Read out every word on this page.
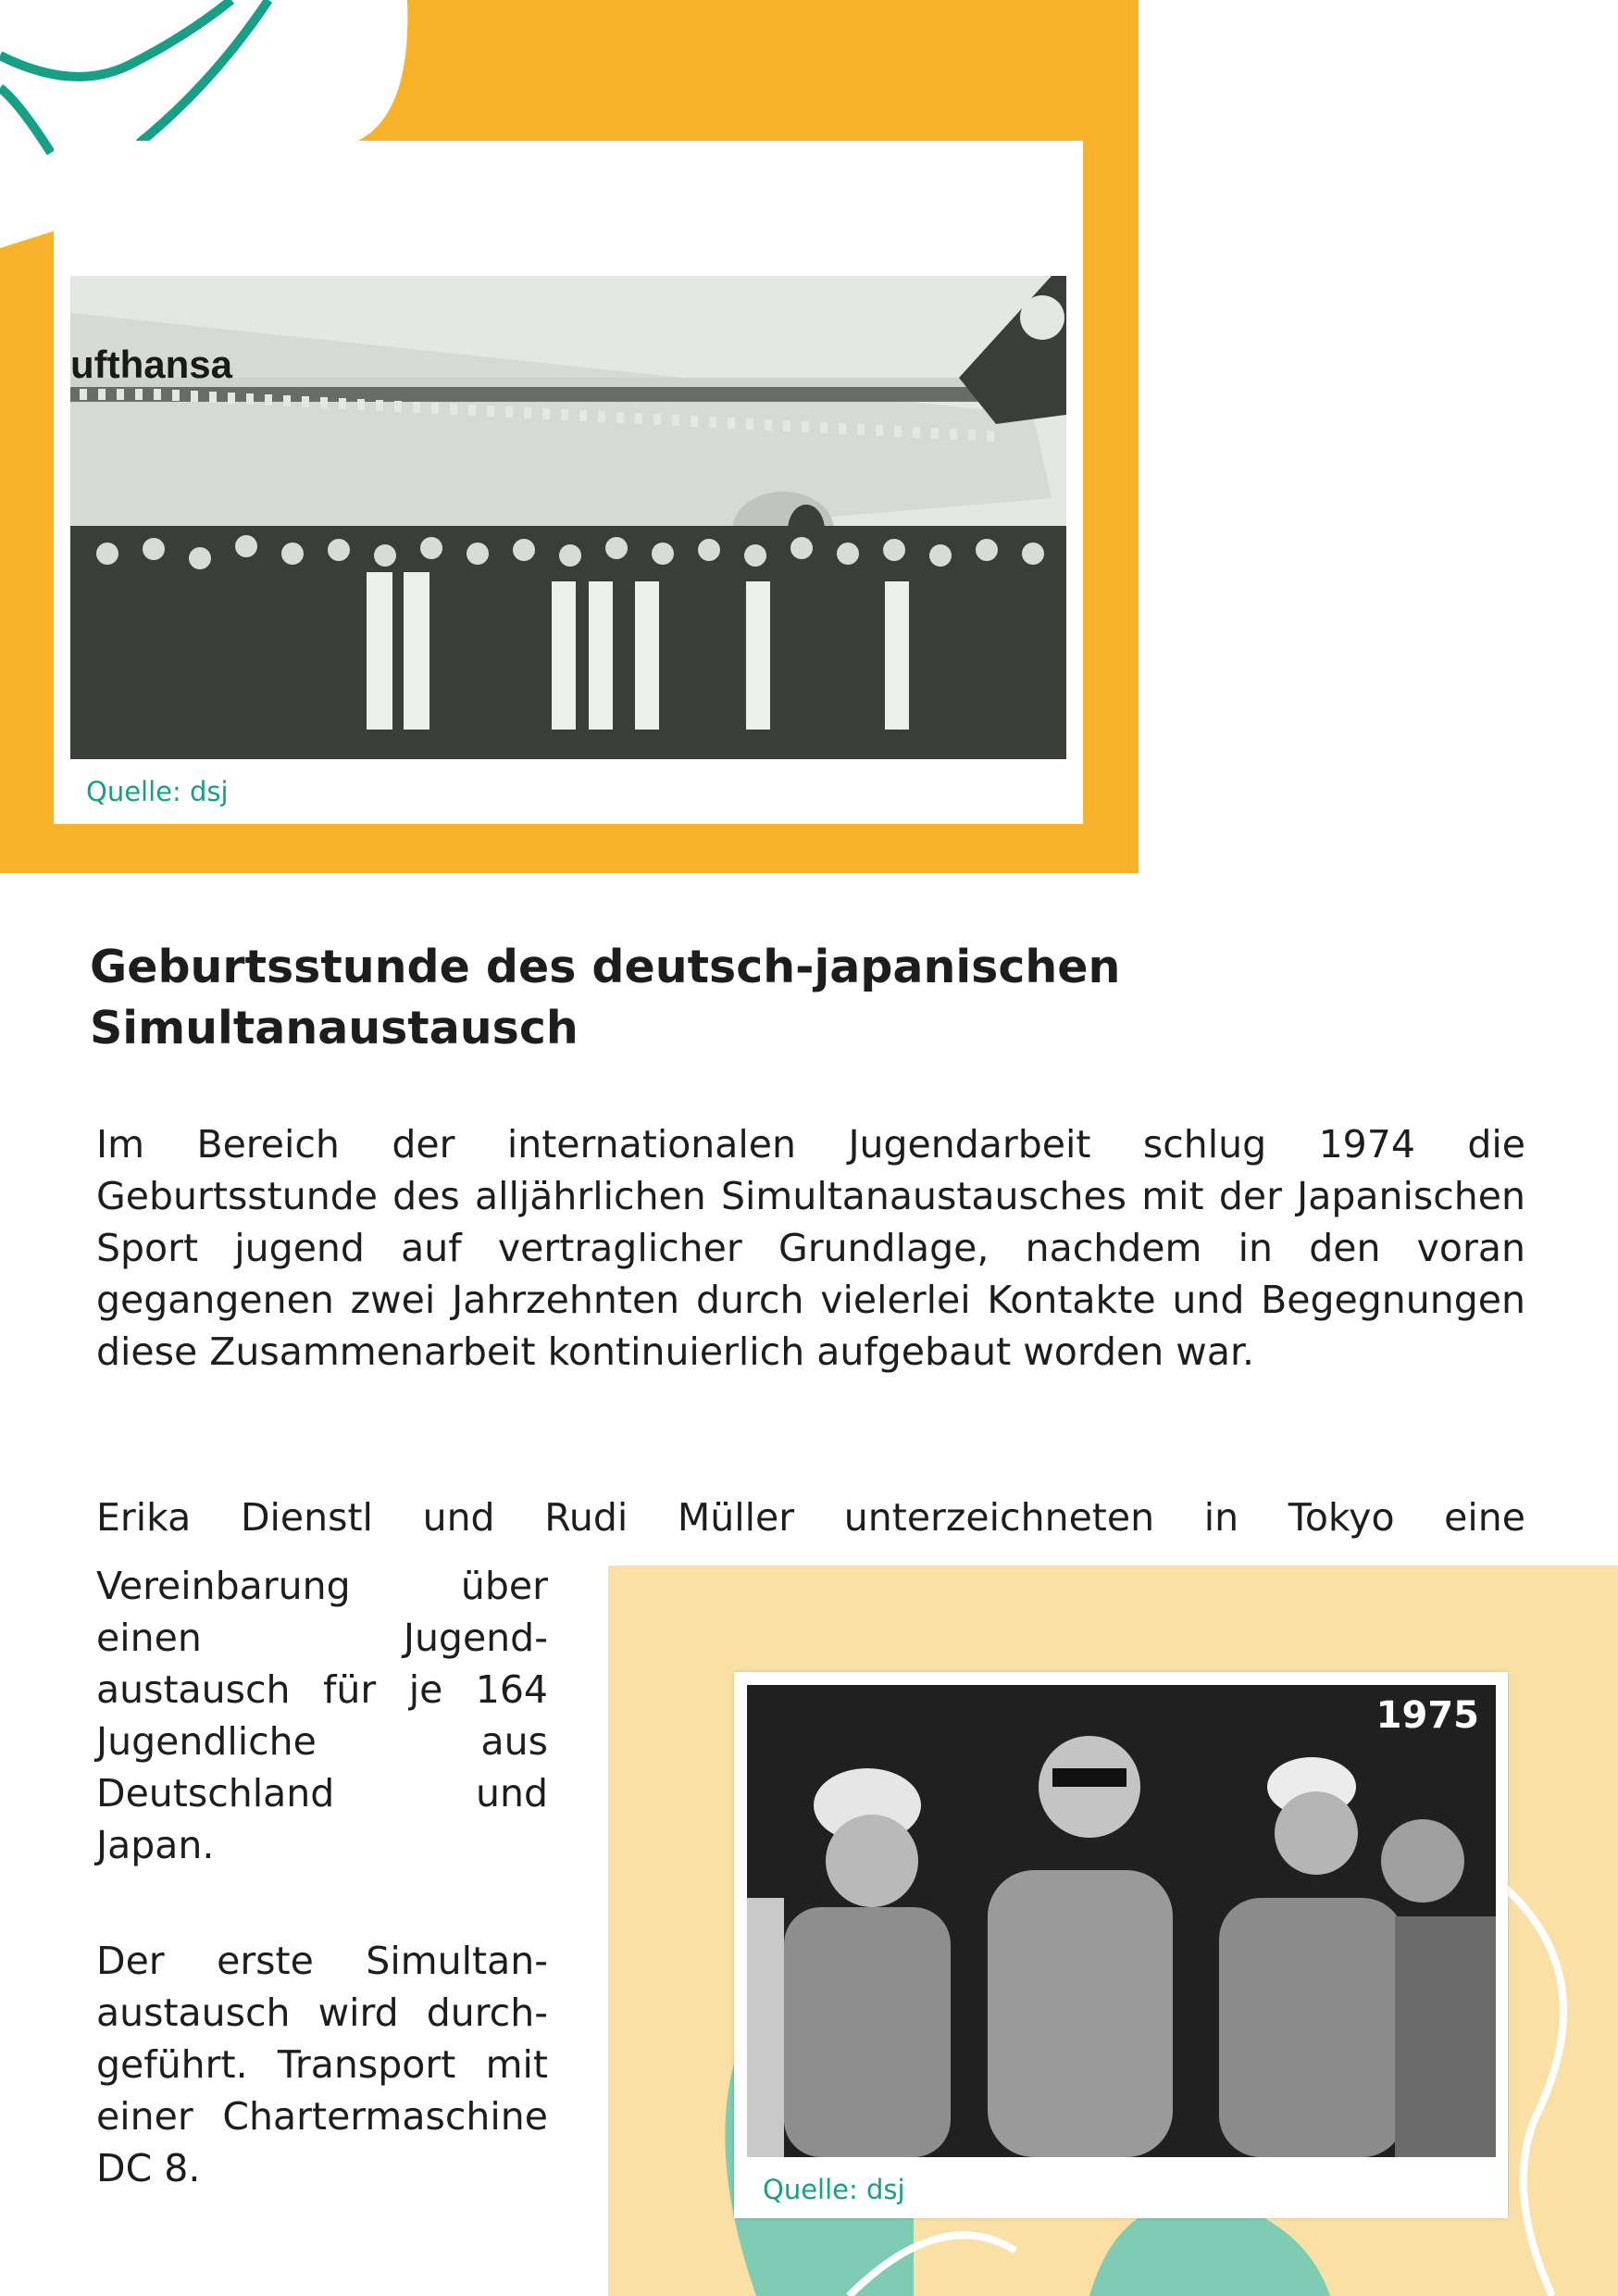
ufthansa
Quelle: dsj
Geburtsstunde des deutsch-japanischen
Simultanaustausch
Im Bereich der internationalen Jugendarbeit schlug 1974 die Geburtsstunde des alljährlichen Simultanaustausches mit der Japanischen Sport jugend auf vertraglicher Grundlage, nachdem in den voran gegangenen zwei Jahrzehnten durch vielerlei Kontakte und Begegnungen diese Zusammenarbeit kontinuierlich aufgebaut worden war.
Erika Dienstl und Rudi Müller unterzeichneten in Tokyo eine
1975
Quelle: dsj
Vereinbarung über einen Jugend-austausch für je 164 Jugendliche aus Deutschland und Japan.
Der erste Simultan-austausch wird durch-geführt. Transport mit einer Chartermaschine DC 8.
